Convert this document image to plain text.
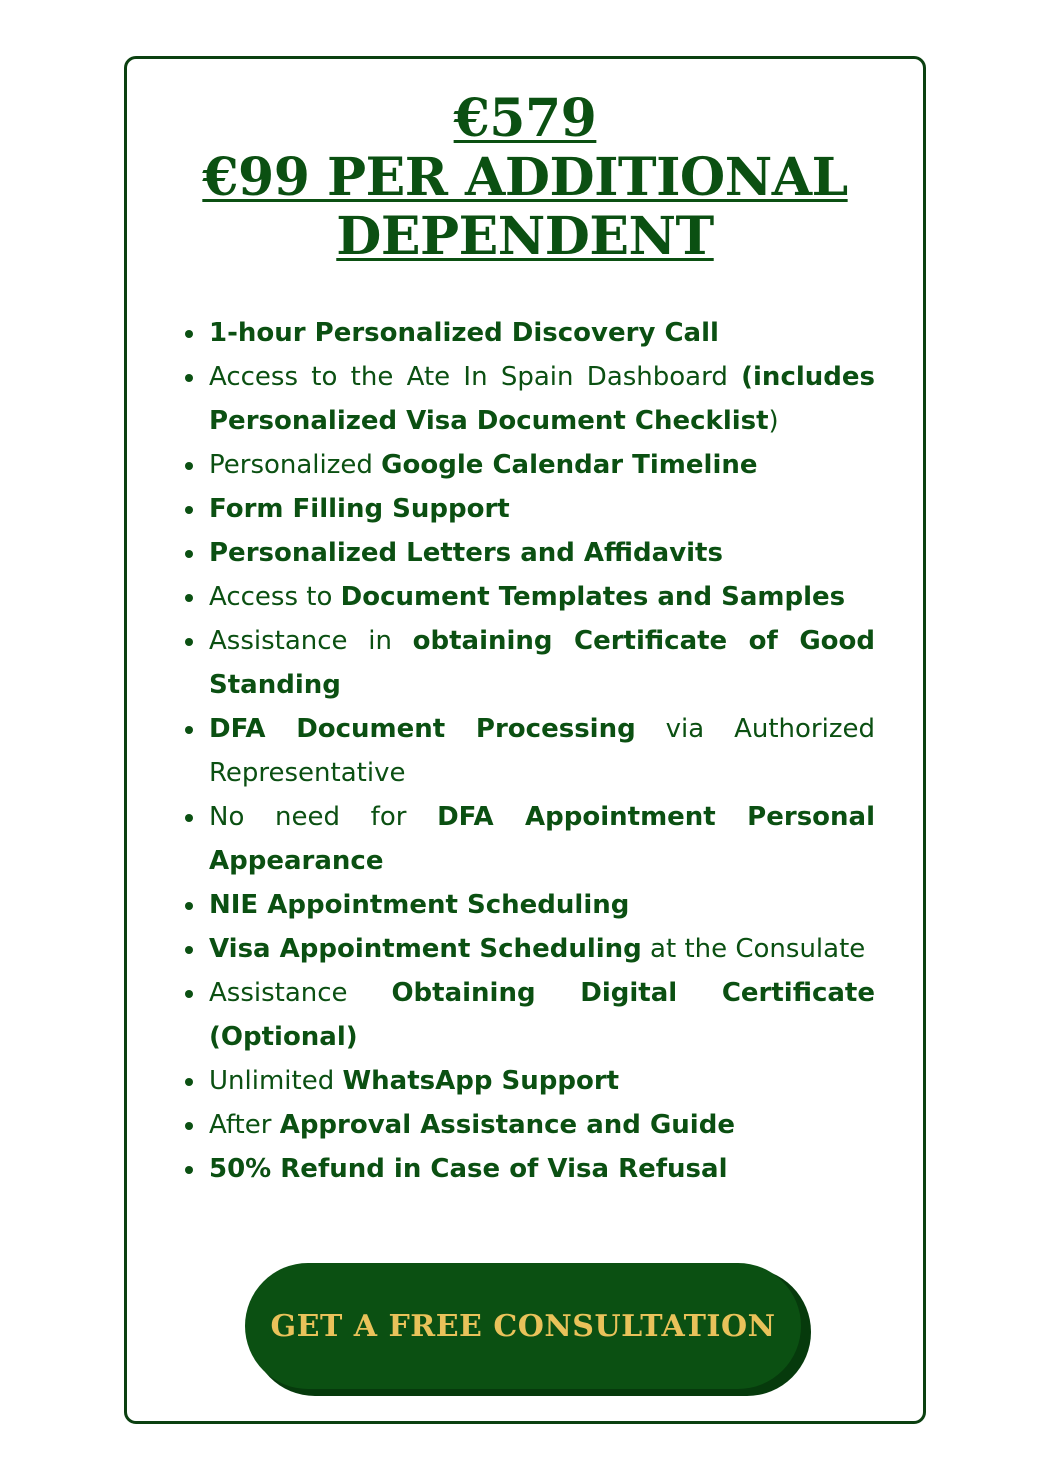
€579
€99 PER ADDITIONAL
DEPENDENT
1-hour Personalized Discovery Call
Access to the Ate In Spain Dashboard (includes Personalized Visa Document Checklist)
Personalized Google Calendar Timeline
Form Filling Support
Personalized Letters and Affidavits
Access to Document Templates and Samples
Assistance in obtaining Certificate of Good Standing
DFA Document Processing via Authorized Representative
No need for DFA Appointment Personal Appearance
NIE Appointment Scheduling
Visa Appointment Scheduling at the Consulate
Assistance Obtaining Digital Certificate (Optional)
Unlimited WhatsApp Support
After Approval Assistance and Guide
50% Refund in Case of Visa Refusal
GET A FREE CONSULTATION
